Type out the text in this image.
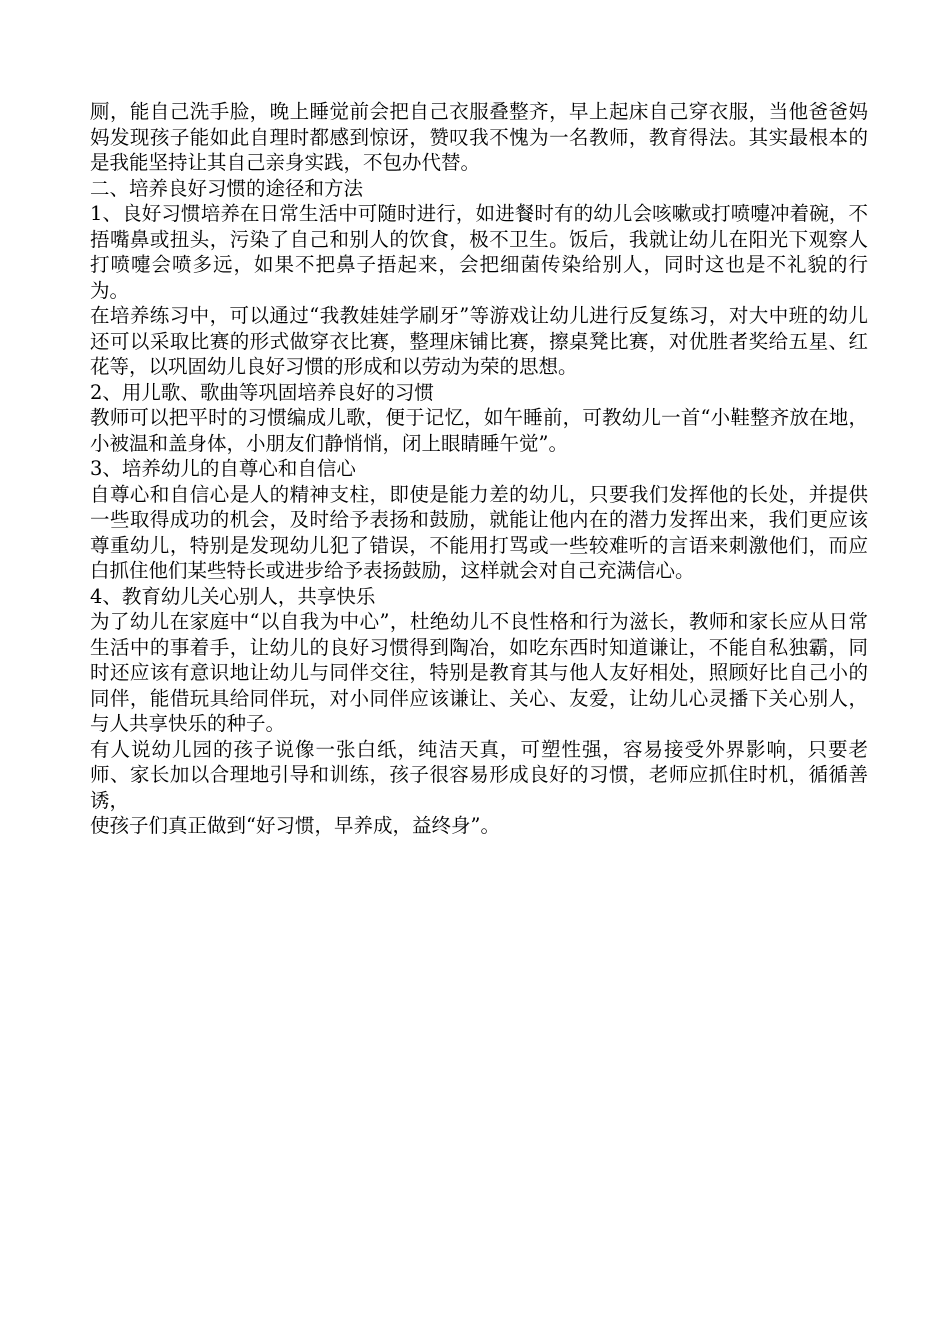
厕，能自己洗手脸，晚上睡觉前会把自己衣服叠整齐，早上起床自己穿衣服，当他爸爸妈妈发现孩子能如此自理时都感到惊讶，赞叹我不愧为一名教师，教育得法。其实最根本的是我能坚持让其自己亲身实践，不包办代替。

二、培养良好习惯的途径和方法

1、良好习惯培养在日常生活中可随时进行，如进餐时有的幼儿会咳嗽或打喷嚏冲着碗，不捂嘴鼻或扭头，污染了自己和别人的饮食，极不卫生。饭后，我就让幼儿在阳光下观察人打喷嚏会喷多远，如果不把鼻子捂起来，会把细菌传染给别人，同时这也是不礼貌的行为。

在培养练习中，可以通过“我教娃娃学刷牙”等游戏让幼儿进行反复练习，对大中班的幼儿还可以采取比赛的形式做穿衣比赛，整理床铺比赛，擦桌凳比赛，对优胜者奖给五星、红花等，以巩固幼儿良好习惯的形成和以劳动为荣的思想。

2、用儿歌、歌曲等巩固培养良好的习惯

教师可以把平时的习惯编成儿歌，便于记忆，如午睡前，可教幼儿一首“小鞋整齐放在地，小被温和盖身体，小朋友们静悄悄，闭上眼睛睡午觉”。

3、培养幼儿的自尊心和自信心

自尊心和自信心是人的精神支柱，即使是能力差的幼儿，只要我们发挥他的长处，并提供一些取得成功的机会，及时给予表扬和鼓励，就能让他内在的潜力发挥出来，我们更应该尊重幼儿，特别是发现幼儿犯了错误，不能用打骂或一些较难听的言语来刺激他们，而应白抓住他们某些特长或进步给予表扬鼓励，这样就会对自己充满信心。

4、教育幼儿关心别人，共享快乐

为了幼儿在家庭中“以自我为中心”，杜绝幼儿不良性格和行为滋长，教师和家长应从日常生活中的事着手，让幼儿的良好习惯得到陶冶，如吃东西时知道谦让，不能自私独霸，同时还应该有意识地让幼儿与同伴交往，特别是教育其与他人友好相处，照顾好比自己小的同伴，能借玩具给同伴玩，对小同伴应该谦让、关心、友爱，让幼儿心灵播下关心别人，与人共享快乐的种子。

有人说幼儿园的孩子说像一张白纸，纯洁天真，可塑性强，容易接受外界影响，只要老师、家长加以合理地引导和训练，孩子很容易形成良好的习惯，老师应抓住时机，循循善诱，

使孩子们真正做到“好习惯，早养成，益终身”。
